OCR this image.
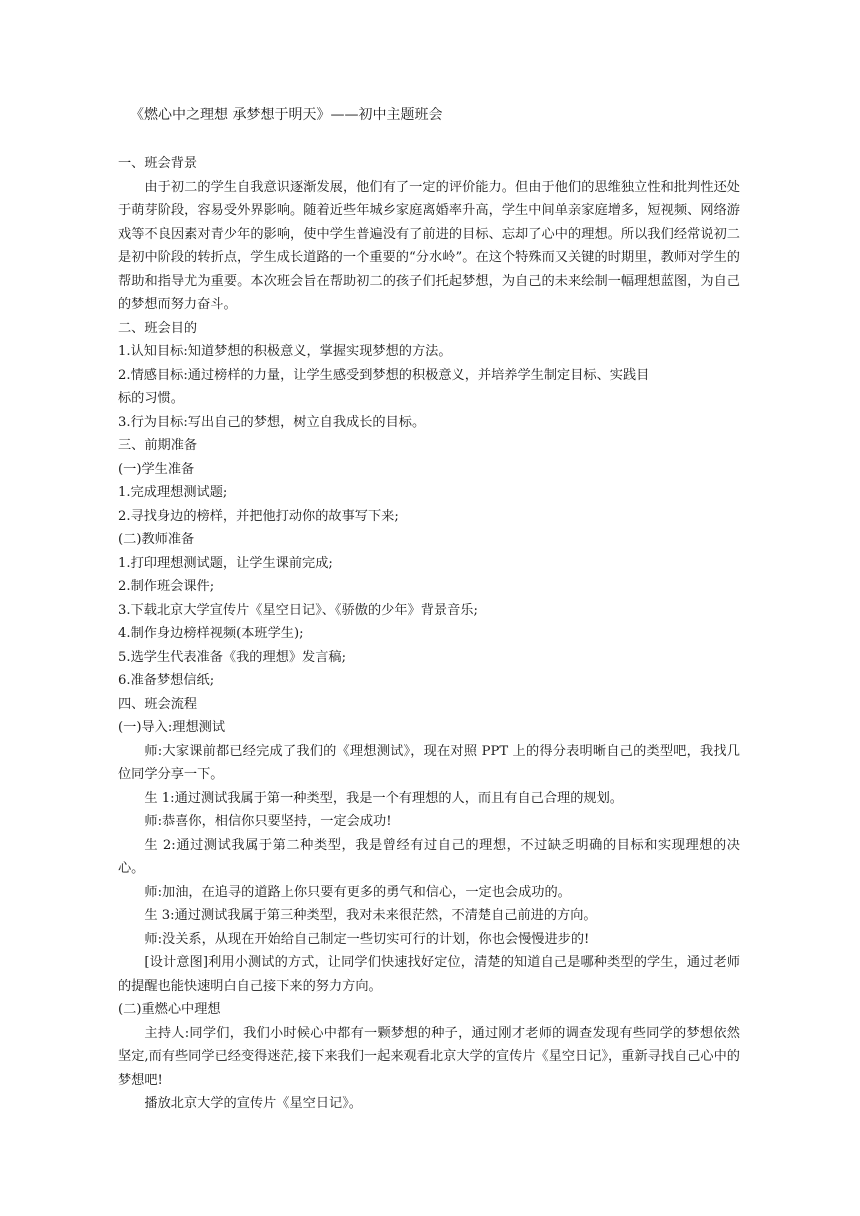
《燃心中之理想 承梦想于明天》——初中主题班会

一、班会背景

由于初二的学生自我意识逐渐发展，他们有了一定的评价能力。但由于他们的思维独立性和批判性还处于萌芽阶段，容易受外界影响。随着近些年城乡家庭离婚率升高，学生中间单亲家庭增多，短视频、网络游戏等不良因素对青少年的影响，使中学生普遍没有了前进的目标、忘却了心中的理想。所以我们经常说初二是初中阶段的转折点，学生成长道路的一个重要的“分水岭”。在这个特殊而又关键的时期里，教师对学生的帮助和指导尤为重要。本次班会旨在帮助初二的孩子们托起梦想，为自己的未来绘制一幅理想蓝图，为自己的梦想而努力奋斗。

二、班会目的

1.认知目标:知道梦想的积极意义，掌握实现梦想的方法。

2.情感目标:通过榜样的力量，让学生感受到梦想的积极意义，并培养学生制定目标、实践目

标的习惯。

3.行为目标:写出自己的梦想，树立自我成长的目标。

三、前期准备

(一)学生准备

1.完成理想测试题;

2.寻找身边的榜样，并把他打动你的故事写下来;

(二)教师准备

1.打印理想测试题，让学生课前完成;

2.制作班会课件;

3.下载北京大学宣传片《星空日记》、《骄傲的少年》背景音乐;

4.制作身边榜样视频(本班学生);

5.选学生代表准备《我的理想》发言稿;

6.准备梦想信纸;

四、班会流程

(一)导入:理想测试

师:大家课前都已经完成了我们的《理想测试》，现在对照 PPT 上的得分表明晰自己的类型吧，我找几位同学分享一下。

生 1:通过测试我属于第一种类型，我是一个有理想的人，而且有自己合理的规划。

师:恭喜你，相信你只要坚持，一定会成功!

生 2:通过测试我属于第二种类型，我是曾经有过自己的理想，不过缺乏明确的目标和实现理想的决心。

师:加油，在追寻的道路上你只要有更多的勇气和信心，一定也会成功的。

生 3:通过测试我属于第三种类型，我对未来很茫然，不清楚自己前进的方向。

师:没关系，从现在开始给自己制定一些切实可行的计划，你也会慢慢进步的!

[设计意图]利用小测试的方式，让同学们快速找好定位，清楚的知道自己是哪种类型的学生，通过老师的提醒也能快速明白自己接下来的努力方向。

(二)重燃心中理想

主持人:同学们，我们小时候心中都有一颗梦想的种子，通过刚才老师的调查发现有些同学的梦想依然坚定,而有些同学已经变得迷茫,接下来我们一起来观看北京大学的宣传片《星空日记》，重新寻找自己心中的梦想吧!

播放北京大学的宣传片《星空日记》。
